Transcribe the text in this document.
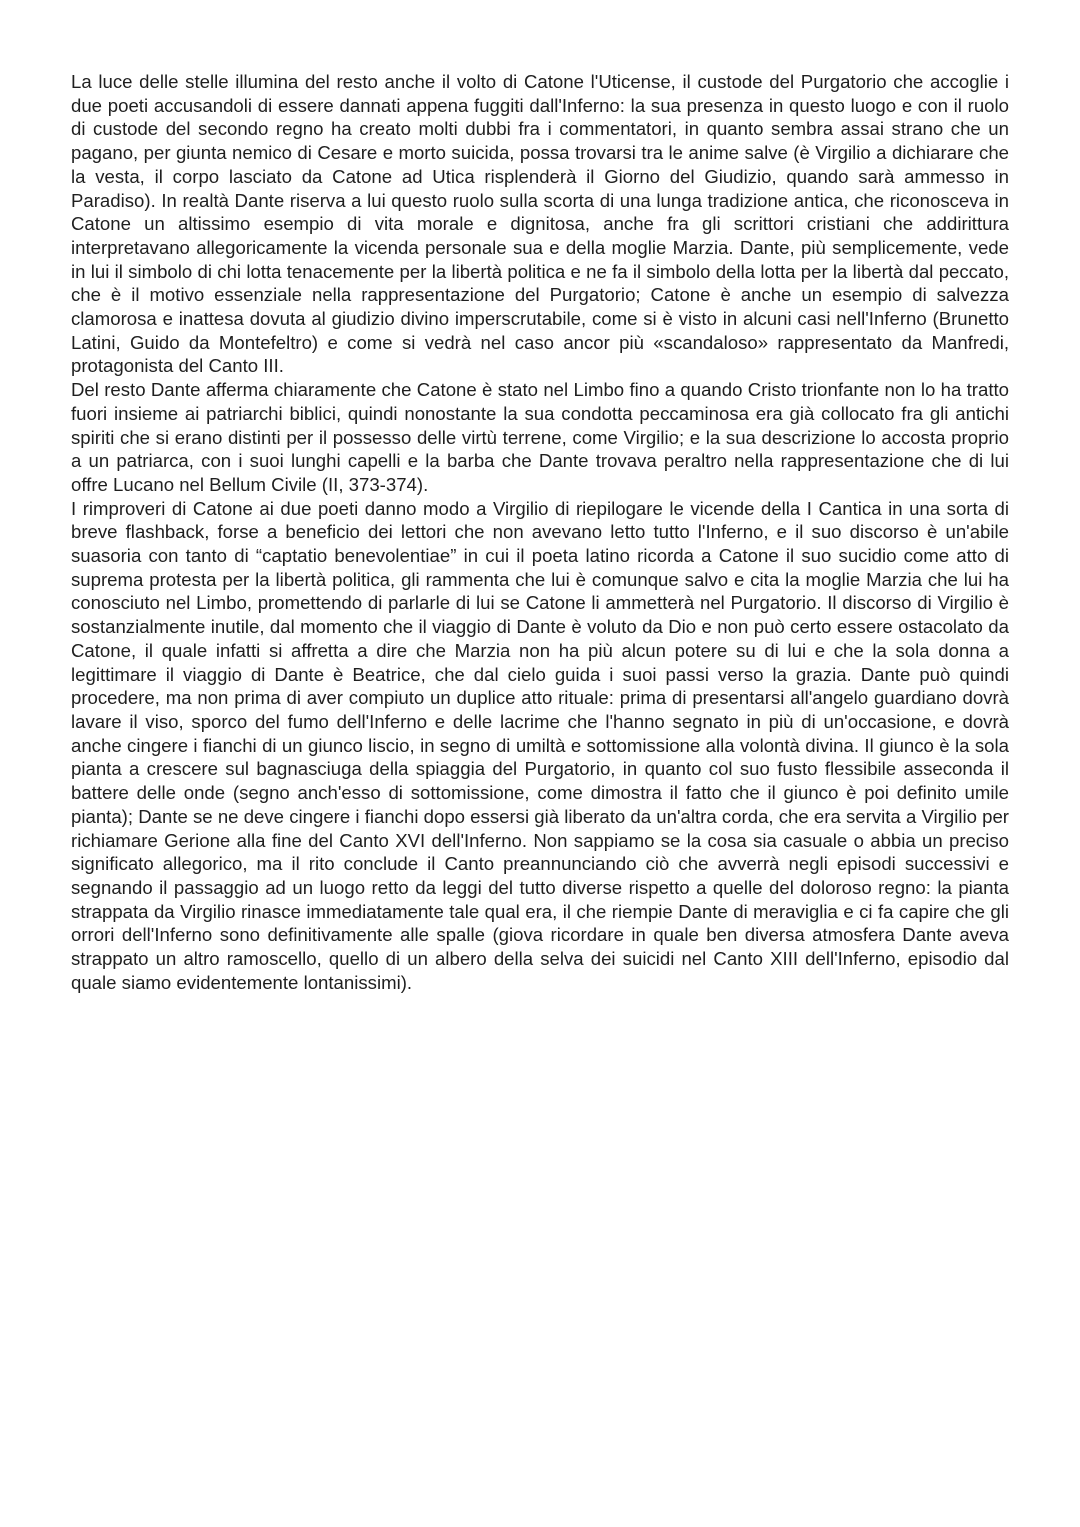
La luce delle stelle illumina del resto anche il volto di Catone l'Uticense, il custode del Purgatorio che accoglie i due poeti accusandoli di essere dannati appena fuggiti dall'Inferno: la sua presenza in questo luogo e con il ruolo di custode del secondo regno ha creato molti dubbi fra i commentatori, in quanto sembra assai strano che un pagano, per giunta nemico di Cesare e morto suicida, possa trovarsi tra le anime salve (è Virgilio a dichiarare che la vesta, il corpo lasciato da Catone ad Utica risplenderà il Giorno del Giudizio, quando sarà ammesso in Paradiso). In realtà Dante riserva a lui questo ruolo sulla scorta di una lunga tradizione antica, che riconosceva in Catone un altissimo esempio di vita morale e dignitosa, anche fra gli scrittori cristiani che addirittura interpretavano allegoricamente la vicenda personale sua e della moglie Marzia. Dante, più semplicemente, vede in lui il simbolo di chi lotta tenacemente per la libertà politica e ne fa il simbolo della lotta per la libertà dal peccato, che è il motivo essenziale nella rappresentazione del Purgatorio; Catone è anche un esempio di salvezza clamorosa e inattesa dovuta al giudizio divino imperscrutabile, come si è visto in alcuni casi nell'Inferno (Brunetto Latini, Guido da Montefeltro) e come si vedrà nel caso ancor più «scandaloso» rappresentato da Manfredi, protagonista del Canto III.

Del resto Dante afferma chiaramente che Catone è stato nel Limbo fino a quando Cristo trionfante non lo ha tratto fuori insieme ai patriarchi biblici, quindi nonostante la sua condotta peccaminosa era già collocato fra gli antichi spiriti che si erano distinti per il possesso delle virtù terrene, come Virgilio; e la sua descrizione lo accosta proprio a un patriarca, con i suoi lunghi capelli e la barba che Dante trovava peraltro nella rappresentazione che di lui offre Lucano nel Bellum Civile (II, 373-374).

I rimproveri di Catone ai due poeti danno modo a Virgilio di riepilogare le vicende della I Cantica in una sorta di breve flashback, forse a beneficio dei lettori che non avevano letto tutto l'Inferno, e il suo discorso è un'abile suasoria con tanto di “captatio benevolentiae” in cui il poeta latino ricorda a Catone il suo sucidio come atto di suprema protesta per la libertà politica, gli rammenta che lui è comunque salvo e cita la moglie Marzia che lui ha conosciuto nel Limbo, promettendo di parlarle di lui se Catone li ammetterà nel Purgatorio. Il discorso di Virgilio è sostanzialmente inutile, dal momento che il viaggio di Dante è voluto da Dio e non può certo essere ostacolato da Catone, il quale infatti si affretta a dire che Marzia non ha più alcun potere su di lui e che la sola donna a legittimare il viaggio di Dante è Beatrice, che dal cielo guida i suoi passi verso la grazia. Dante può quindi procedere, ma non prima di aver compiuto un duplice atto rituale: prima di presentarsi all'angelo guardiano dovrà lavare il viso, sporco del fumo dell'Inferno e delle lacrime che l'hanno segnato in più di un'occasione, e dovrà anche cingere i fianchi di un giunco liscio, in segno di umiltà e sottomissione alla volontà divina. Il giunco è la sola pianta a crescere sul bagnasciuga della spiaggia del Purgatorio, in quanto col suo fusto flessibile asseconda il battere delle onde (segno anch'esso di sottomissione, come dimostra il fatto che il giunco è poi definito umile pianta); Dante se ne deve cingere i fianchi dopo essersi già liberato da un'altra corda, che era servita a Virgilio per richiamare Gerione alla fine del Canto XVI dell'Inferno. Non sappiamo se la cosa sia casuale o abbia un preciso significato allegorico, ma il rito conclude il Canto preannunciando ciò che avverrà negli episodi successivi e segnando il passaggio ad un luogo retto da leggi del tutto diverse rispetto a quelle del doloroso regno: la pianta strappata da Virgilio rinasce immediatamente tale qual era, il che riempie Dante di meraviglia e ci fa capire che gli orrori dell'Inferno sono definitivamente alle spalle (giova ricordare in quale ben diversa atmosfera Dante aveva strappato un altro ramoscello, quello di un albero della selva dei suicidi nel Canto XIII dell'Inferno, episodio dal quale siamo evidentemente lontanissimi).
